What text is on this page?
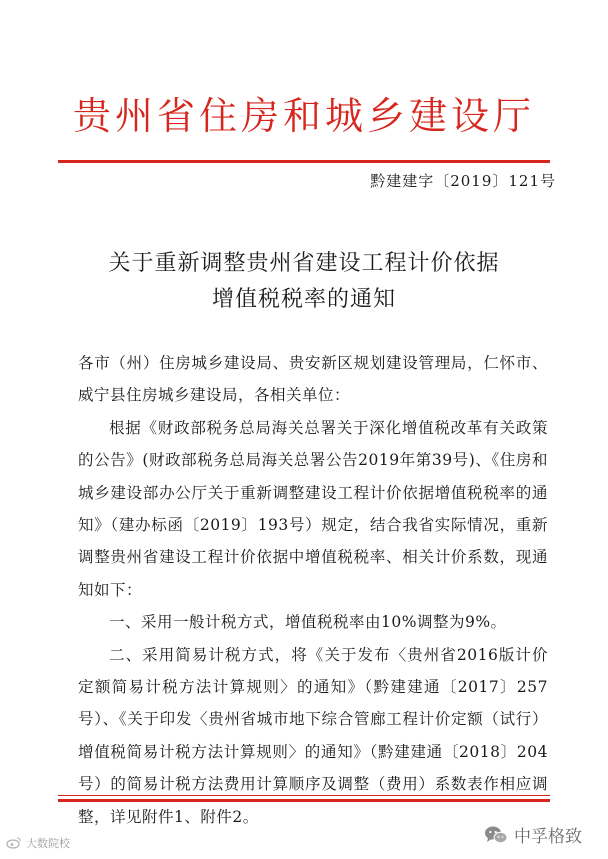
贵州省住房和城乡建设厅
黔建建字〔2019〕121号
关于重新调整贵州省建设工程计价依据
增值税税率的通知

各市（州）住房城乡建设局、贵安新区规划建设管理局，仁怀市、威宁县住房城乡建设局，各相关单位：

根据《财政部税务总局海关总署关于深化增值税改革有关政策的公告》(财政部税务总局海关总署公告2019年第39号)、《住房和城乡建设部办公厅关于重新调整建设工程计价依据增值税税率的通知》（建办标函〔2019〕193号）规定，结合我省实际情况，重新调整贵州省建设工程计价依据中增值税税率、相关计价系数，现通知如下：

一、采用一般计税方式，增值税税率由10%调整为9%。

二、采用简易计税方式，将《关于发布〈贵州省2016版计价定额简易计税方法计算规则〉的通知》（黔建建通〔2017〕257号）、《关于印发〈贵州省城市地下综合管廊工程计价定额（试行）增值税简易计税方法计算规则〉的通知》（黔建建通〔2018〕204号）的简易计税方法费用计算顺序及调整（费用）系数表作相应调整，详见附件1、附件2。

大数院校	中孚格致
